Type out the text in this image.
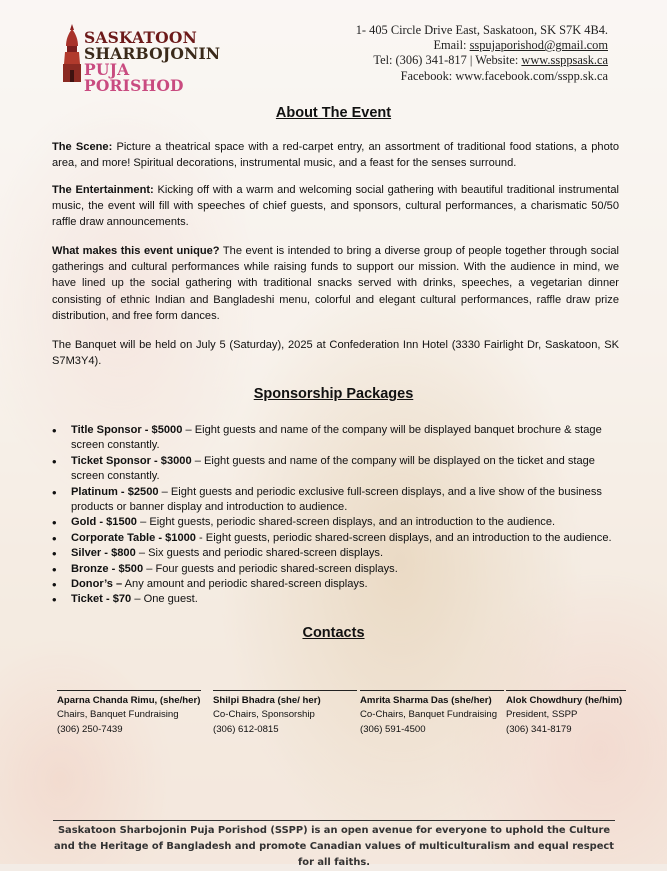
SASKATOON
SHARBOJONIN
PUJA PORISHOD
1- 405 Circle Drive East, Saskatoon, SK S7K 4B4.
Email: sspujaporishod@gmail.com
Tel: (306) 341-817 | Website: www.ssppsask.ca
Facebook: www.facebook.com/sspp.sk.ca
About The Event
The Scene: Picture a theatrical space with a red-carpet entry, an assortment of traditional food stations, a photo area, and more! Spiritual decorations, instrumental music, and a feast for the senses surround.
The Entertainment: Kicking off with a warm and welcoming social gathering with beautiful traditional instrumental music, the event will fill with speeches of chief guests, and sponsors, cultural performances, a charismatic 50/50 raffle draw announcements.
What makes this event unique? The event is intended to bring a diverse group of people together through social gatherings and cultural performances while raising funds to support our mission. With the audience in mind, we have lined up the social gathering with traditional snacks served with drinks, speeches, a vegetarian dinner consisting of ethnic Indian and Bangladeshi menu, colorful and elegant cultural performances, raffle draw prize distribution, and free form dances.
The Banquet will be held on July 5 (Saturday), 2025 at Confederation Inn Hotel (3330 Fairlight Dr, Saskatoon, SK S7M3Y4).
Sponsorship Packages
• Title Sponsor - $5000 – Eight guests and name of the company will be displayed banquet brochure & stage screen constantly.
• Ticket Sponsor - $3000 – Eight guests and name of the company will be displayed on the ticket and stage screen constantly.
• Platinum - $2500 – Eight guests and periodic exclusive full-screen displays, and a live show of the business products or banner display and introduction to audience.
• Gold - $1500 – Eight guests, periodic shared-screen displays, and an introduction to the audience.
• Corporate Table - $1000 - Eight guests, periodic shared-screen displays, and an introduction to the audience.
• Silver - $800 – Six guests and periodic shared-screen displays.
• Bronze - $500 – Four guests and periodic shared-screen displays.
• Donor’s – Any amount and periodic shared-screen displays.
• Ticket - $70 – One guest.
Contacts
Aparna Chanda Rimu, (she/her)
Chairs, Banquet Fundraising
(306) 250-7439
Shilpi Bhadra (she/ her)
Co-Chairs, Sponsorship
(306) 612-0815
Amrita Sharma Das (she/her)
Co-Chairs, Banquet Fundraising
(306) 591-4500
Alok Chowdhury (he/him)
President, SSPP
(306) 341-8179
Saskatoon Sharbojonin Puja Porishod (SSPP) is an open avenue for everyone to uphold the Culture and the Heritage of Bangladesh and promote Canadian values of multiculturalism and equal respect for all faiths.
